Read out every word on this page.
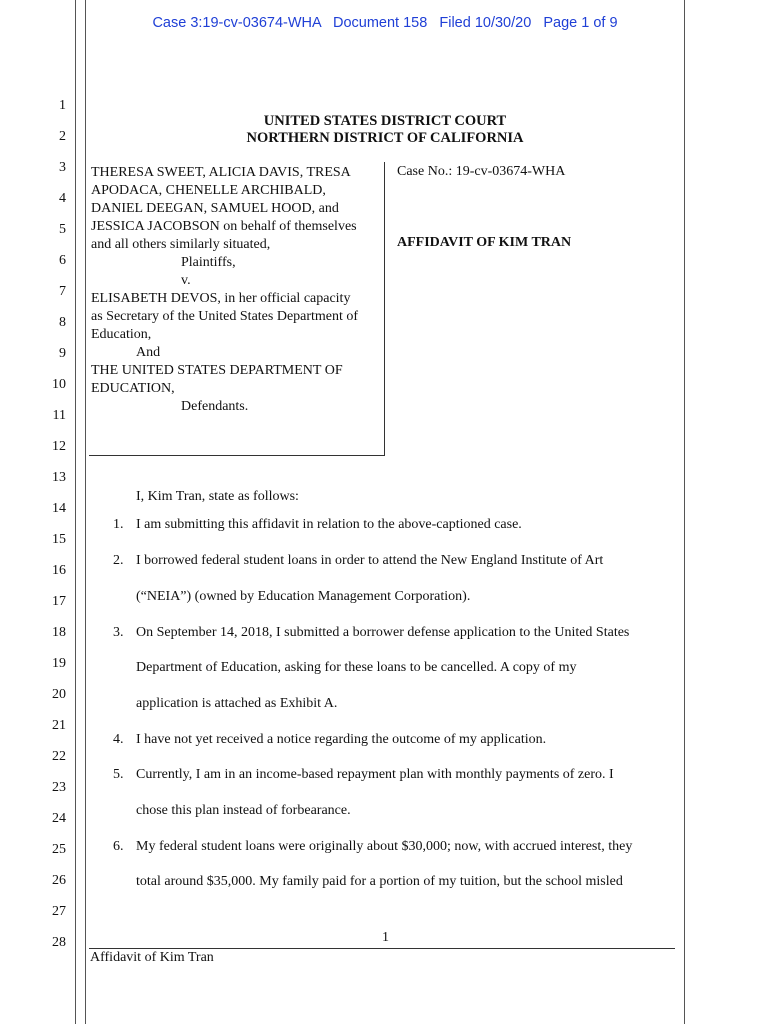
Case 3:19-cv-03674-WHA   Document 158   Filed 10/30/20   Page 1 of 9
1
2
3
4
5
6
7
8
9
10
11
12
13
14
15
16
17
18
19
20
21
22
23
24
25
26
27
28
UNITED STATES DISTRICT COURT
NORTHERN DISTRICT OF CALIFORNIA
THERESA SWEET, ALICIA DAVIS, TRESA
APODACA, CHENELLE ARCHIBALD,
DANIEL DEEGAN, SAMUEL HOOD, and
JESSICA JACOBSON on behalf of themselves
and all others similarly situated,
Plaintiffs,
v.
ELISABETH DEVOS, in her official capacity
as Secretary of the United States Department of
Education,
And
THE UNITED STATES DEPARTMENT OF
EDUCATION,
Defendants.
Case No.: 19-cv-03674-WHA
AFFIDAVIT OF KIM TRAN
I, Kim Tran, state as follows:
1. I am submitting this affidavit in relation to the above-captioned case.
2. I borrowed federal student loans in order to attend the New England Institute of Art
(“NEIA”) (owned by Education Management Corporation).
3. On September 14, 2018, I submitted a borrower defense application to the United States
Department of Education, asking for these loans to be cancelled. A copy of my
application is attached as Exhibit A.
4. I have not yet received a notice regarding the outcome of my application.
5. Currently, I am in an income-based repayment plan with monthly payments of zero. I
chose this plan instead of forbearance.
6. My federal student loans were originally about $30,000; now, with accrued interest, they
total around $35,000. My family paid for a portion of my tuition, but the school misled
1
Affidavit of Kim Tran
